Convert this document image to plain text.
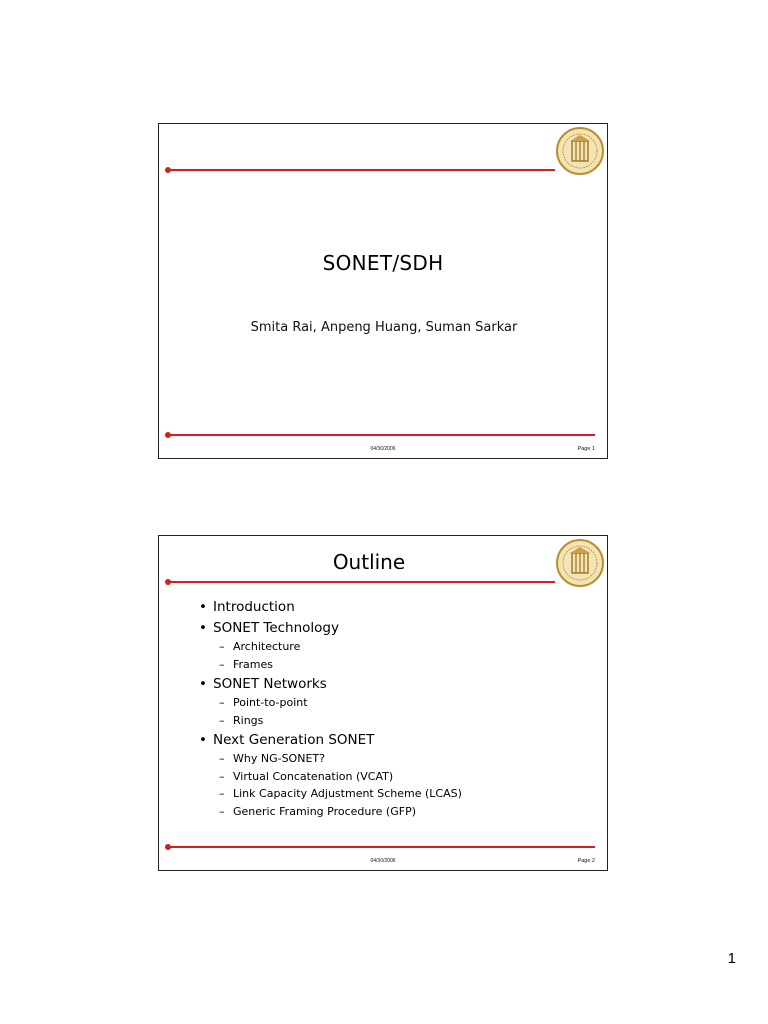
SONET/SDH
Smita Rai, Anpeng Huang, Suman Sarkar
04/30/2006	Page 1
Outline
• Introduction
• SONET Technology
– Architecture
– Frames
• SONET Networks
– Point-to-point
– Rings
• Next Generation SONET
– Why NG-SONET?
– Virtual Concatenation (VCAT)
– Link Capacity Adjustment Scheme (LCAS)
– Generic Framing Procedure (GFP)
04/30/2006	Page 2
1
